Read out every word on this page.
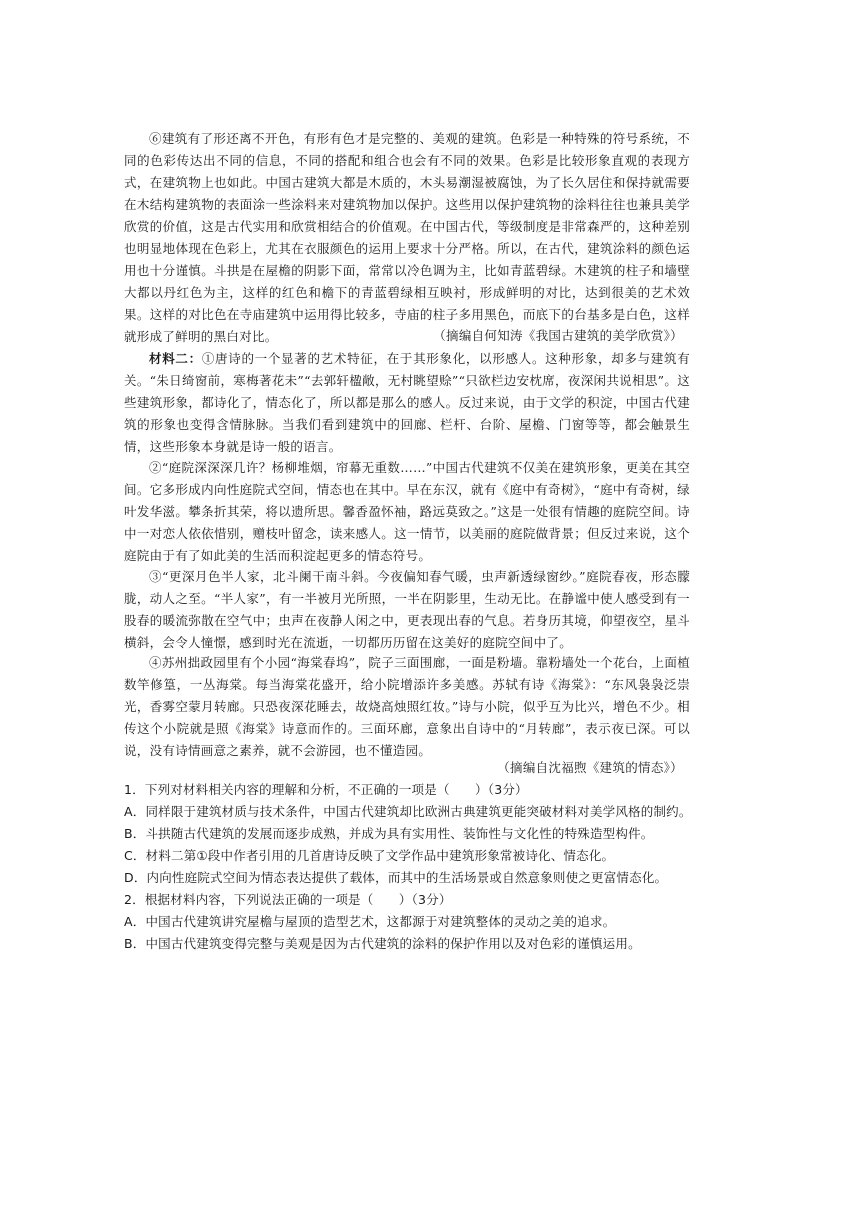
⑥建筑有了形还离不开色，有形有色才是完整的、美观的建筑。色彩是一种特殊的符号系统，不同的色彩传达出不同的信息，不同的搭配和组合也会有不同的效果。色彩是比较形象直观的表现方式，在建筑物上也如此。中国古建筑大都是木质的，木头易潮湿被腐蚀，为了长久居住和保持就需要在木结构建筑物的表面涂一些涂料来对建筑物加以保护。这些用以保护建筑物的涂料往往也兼具美学欣赏的价值，这是古代实用和欣赏相结合的价值观。在中国古代，等级制度是非常森严的，这种差别也明显地体现在色彩上，尤其在衣服颜色的运用上要求十分严格。所以，在古代，建筑涂料的颜色运用也十分谨慎。斗拱是在屋檐的阴影下面，常常以冷色调为主，比如青蓝碧绿。木建筑的柱子和墙壁大都以丹红色为主，这样的红色和檐下的青蓝碧绿相互映衬，形成鲜明的对比，达到很美的艺术效果。这样的对比色在寺庙建筑中运用得比较多，寺庙的柱子多用黑色，而底下的台基多是白色，这样就形成了鲜明的黑白对比。	（摘编自何知涛《我国古建筑的美学欣赏》）
材料二：①唐诗的一个显著的艺术特征，在于其形象化，以形感人。这种形象，却多与建筑有关。“朱日绮窗前，寒梅著花未”“去郭轩楹敞，无村眺望赊”“只欲栏边安枕席，夜深闲共说相思”。这些建筑形象，都诗化了，情态化了，所以都是那么的感人。反过来说，由于文学的积淀，中国古代建筑的形象也变得含情脉脉。当我们看到建筑中的回廊、栏杆、台阶、屋檐、门窗等等，都会触景生情，这些形象本身就是诗一般的语言。
②“庭院深深深几许？杨柳堆烟，帘幕无重数……”中国古代建筑不仅美在建筑形象，更美在其空间。它多形成内向性庭院式空间，情态也在其中。早在东汉，就有《庭中有奇树》，“庭中有奇树，绿叶发华滋。攀条折其荣，将以遗所思。馨香盈怀袖，路远莫致之。”这是一处很有情趣的庭院空间。诗中一对恋人依依惜别，赠枝叶留念，读来感人。这一情节，以美丽的庭院做背景；但反过来说，这个庭院由于有了如此美的生活而积淀起更多的情态符号。
③“更深月色半人家，北斗阑干南斗斜。今夜偏知春气暖，虫声新透绿窗纱。”庭院春夜，形态朦胧，动人之至。“半人家”，有一半被月光所照，一半在阴影里，生动无比。在静谧中使人感受到有一股春的暖流弥散在空气中；虫声在夜静人闲之中，更表现出春的气息。若身历其境，仰望夜空，星斗横斜，会令人憧憬，感到时光在流逝，一切都历历留在这美好的庭院空间中了。
④苏州拙政园里有个小园“海棠春坞”，院子三面围廊，一面是粉墙。靠粉墙处一个花台，上面植数竿修篁，一丛海棠。每当海棠花盛开，给小院增添许多美感。苏轼有诗《海棠》：“东风袅袅泛崇光，香雾空蒙月转廊。只恐夜深花睡去，故烧高烛照红妆。”诗与小院，似乎互为比兴，增色不少。相传这个小院就是照《海棠》诗意而作的。三面环廊，意象出自诗中的“月转廊”，表示夜已深。可以说，没有诗情画意之素养，就不会游园，也不懂造园。
（摘编自沈福煦《建筑的情态》）
1．下列对材料相关内容的理解和分析，不正确的一项是（　　）（3分）
A．同样限于建筑材质与技术条件，中国古代建筑却比欧洲古典建筑更能突破材料对美学风格的制约。
B．斗拱随古代建筑的发展而逐步成熟，并成为具有实用性、装饰性与文化性的特殊造型构件。
C．材料二第①段中作者引用的几首唐诗反映了文学作品中建筑形象常被诗化、情态化。
D．内向性庭院式空间为情态表达提供了载体，而其中的生活场景或自然意象则使之更富情态化。
2．根据材料内容，下列说法正确的一项是（　　）（3分）
A．中国古代建筑讲究屋檐与屋顶的造型艺术，这都源于对建筑整体的灵动之美的追求。
B．中国古代建筑变得完整与美观是因为古代建筑的涂料的保护作用以及对色彩的谨慎运用。
